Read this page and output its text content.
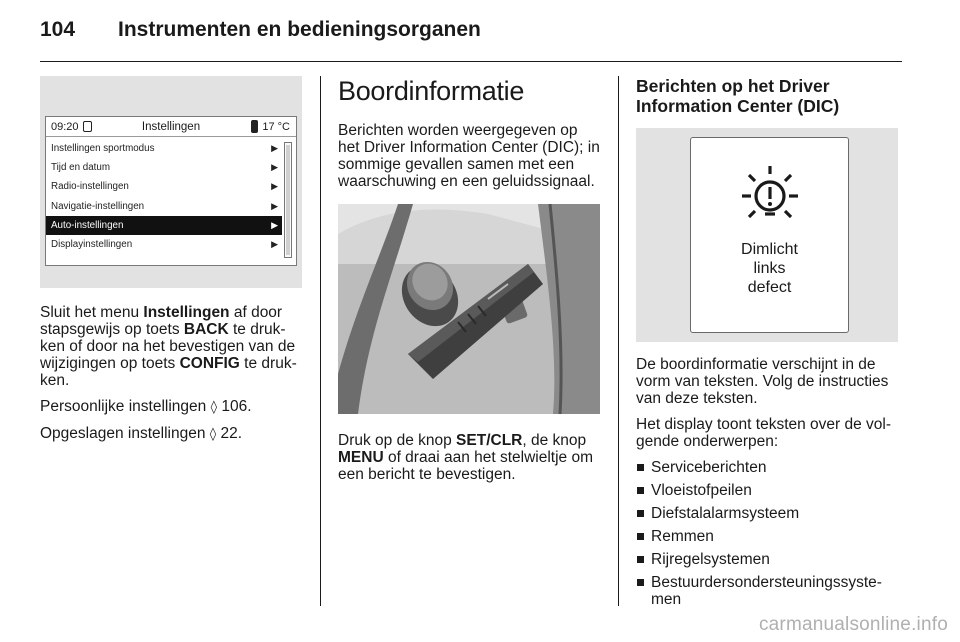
104 Instrumenten en bedieningsorganen
09:20	Instellingen	17 °C
Instellingen sportmodus	▶
Tijd en datum	▶
Radio-instellingen	▶
Navigatie-instellingen	▶
Auto-instellingen	▶
Displayinstellingen	▶

Sluit het menu Instellingen af door stapsgewijs op toets BACK te druk-ken of door na het bevestigen van de wijzigingen op toets CONFIG te druk-ken.

Persoonlijke instellingen ◊ 106.

Opgeslagen instellingen ◊ 22.

Boordinformatie

Berichten worden weergegeven op het Driver Information Center (DIC); in sommige gevallen samen met een waarschuwing en een geluidssignaal.

Druk op de knop SET/CLR, de knop MENU of draai aan het stelwieltje om een bericht te bevestigen.

Berichten op het Driver
Information Center (DIC)
Dimlicht
links
defect

De boordinformatie verschijnt in de vorm van teksten. Volg de instructies van deze teksten.

Het display toont teksten over de vol-gende onderwerpen:

Serviceberichten
Vloeistofpeilen
Diefstalalarmsysteem
Remmen
Rijregelsystemen
Bestuurdersondersteuningssyste-men
carmanualsonline.info
